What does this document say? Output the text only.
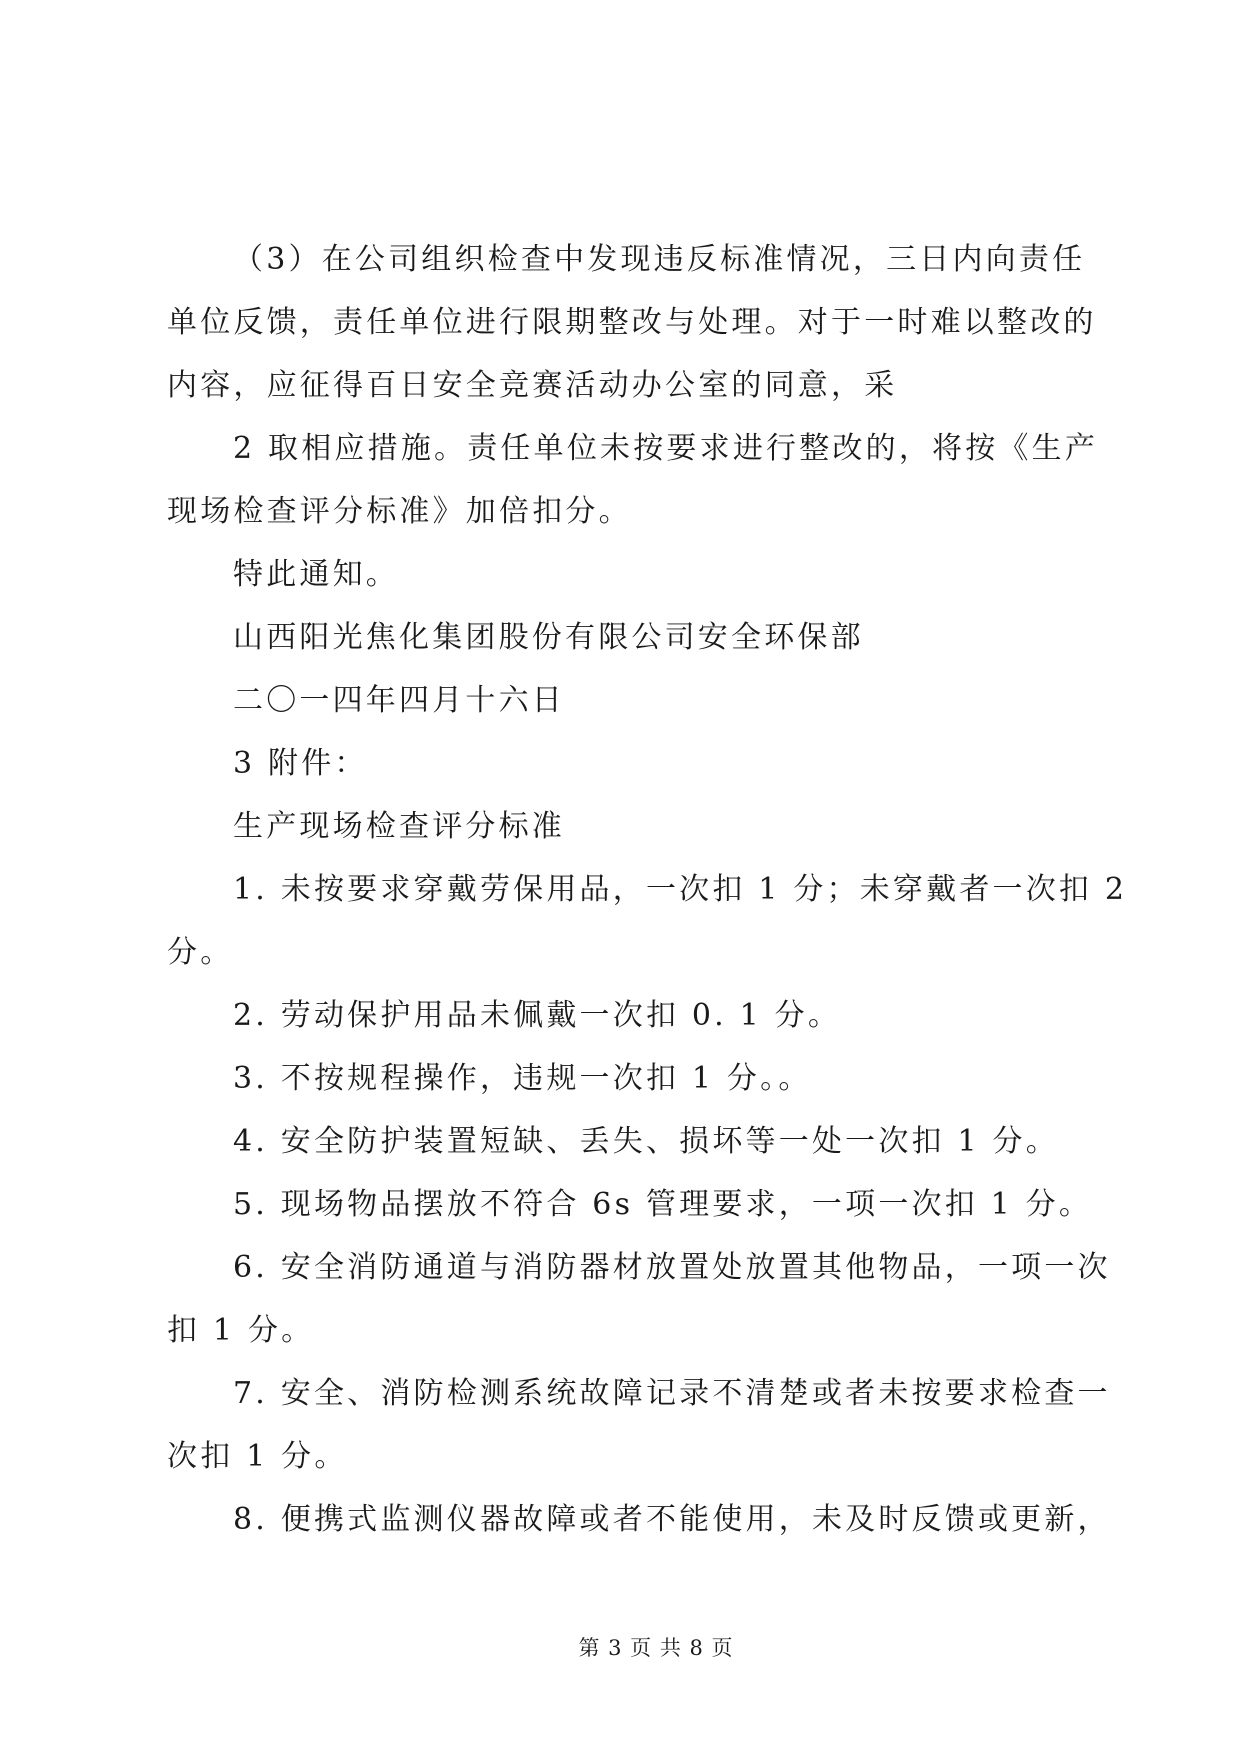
（3）在公司组织检查中发现违反标准情况，三日内向责任
单位反馈，责任单位进行限期整改与处理。对于一时难以整改的
内容，应征得百日安全竞赛活动办公室的同意，采
2 取相应措施。责任单位未按要求进行整改的，将按《生产
现场检查评分标准》加倍扣分。
特此通知。
山西阳光焦化集团股份有限公司安全环保部
二〇一四年四月十六日
3 附件：
生产现场检查评分标准
1. 未按要求穿戴劳保用品，一次扣 1 分；未穿戴者一次扣 2
分。
2. 劳动保护用品未佩戴一次扣 0. 1 分。
3. 不按规程操作，违规一次扣 1 分。。
4. 安全防护装置短缺、丢失、损坏等一处一次扣 1 分。
5. 现场物品摆放不符合 6s 管理要求，一项一次扣 1 分。
6. 安全消防通道与消防器材放置处放置其他物品，一项一次
扣 1 分。
7. 安全、消防检测系统故障记录不清楚或者未按要求检查一
次扣 1 分。
8. 便携式监测仪器故障或者不能使用，未及时反馈或更新，
第 3 页 共 8 页
